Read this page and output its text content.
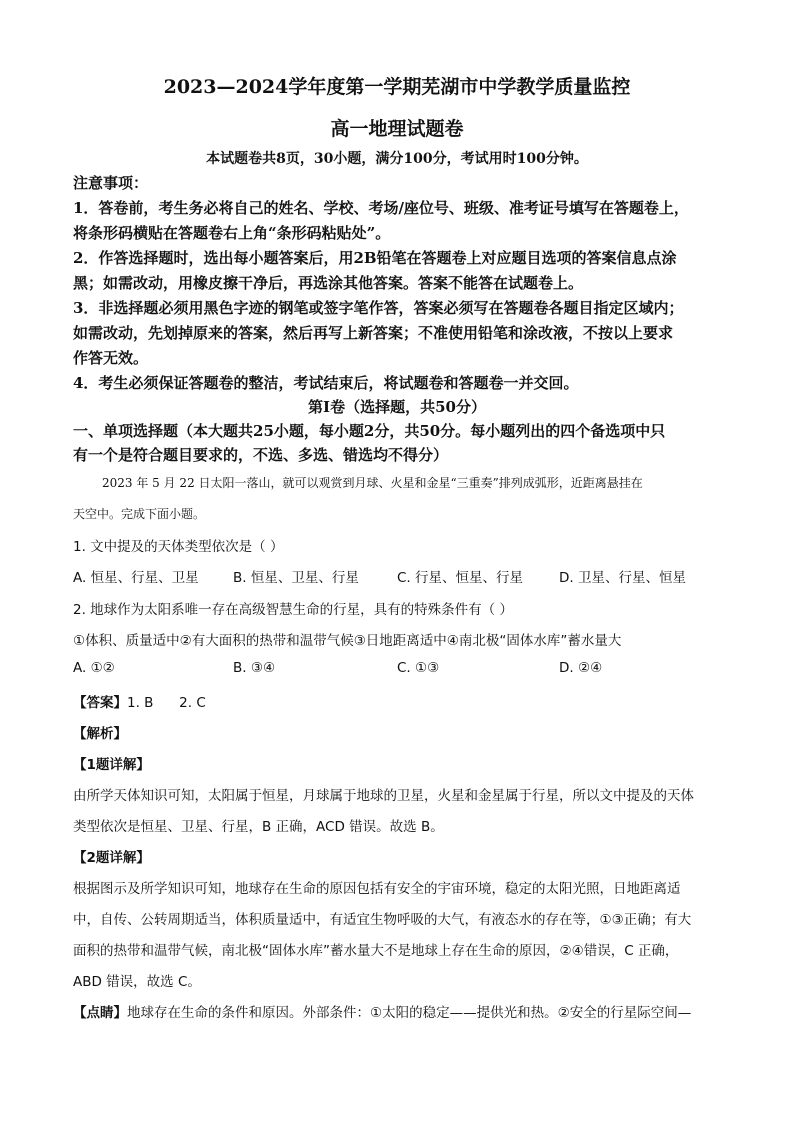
2023—2024学年度第一学期芜湖市中学教学质量监控
高一地理试题卷
本试题卷共8页，30小题，满分100分，考试用时100分钟。
注意事项：
1．答卷前，考生务必将自己的姓名、学校、考场/座位号、班级、准考证号填写在答题卷上，
将条形码横贴在答题卷右上角“条形码粘贴处”。
2．作答选择题时，选出每小题答案后，用2B铅笔在答题卷上对应题目选项的答案信息点涂
黑；如需改动，用橡皮擦干净后，再选涂其他答案。答案不能答在试题卷上。
3．非选择题必须用黑色字迹的钢笔或签字笔作答，答案必须写在答题卷各题目指定区域内；
如需改动，先划掉原来的答案，然后再写上新答案；不准使用铅笔和涂改液，不按以上要求
作答无效。
4．考生必须保证答题卷的整洁，考试结束后，将试题卷和答题卷一并交回。
第Ⅰ卷（选择题，共50分）
一、单项选择题（本大题共25小题，每小题2分，共50分。每小题列出的四个备选项中只
有一个是符合题目要求的，不选、多选、错选均不得分）
2023 年 5 月 22 日太阳一落山，就可以观赏到月球、火星和金星“三重奏”排列成弧形，近距离悬挂在
天空中。完成下面小题。
1. 文中提及的天体类型依次是（ ）
A. 恒星、行星、卫星	B. 恒星、卫星、行星	C. 行星、恒星、行星	D. 卫星、行星、恒星
2. 地球作为太阳系唯一存在高级智慧生命的行星，具有的特殊条件有（ ）
①体积、质量适中②有大面积的热带和温带气候③日地距离适中④南北极“固体水库”蓄水量大
A. ①②	B. ③④	C. ①③	D. ②④
【答案】1. B      2. C
【解析】
【1题详解】
由所学天体知识可知，太阳属于恒星，月球属于地球的卫星，火星和金星属于行星，所以文中提及的天体
类型依次是恒星、卫星、行星，B 正确，ACD 错误。故选 B。
【2题详解】
根据图示及所学知识可知，地球存在生命的原因包括有安全的宇宙环境，稳定的太阳光照，日地距离适
中，自传、公转周期适当，体积质量适中，有适宜生物呼吸的大气，有液态水的存在等，①③正确；有大
面积的热带和温带气候，南北极“固体水库”蓄水量大不是地球上存在生命的原因，②④错误，C 正确，
ABD 错误，故选 C。
【点睛】地球存在生命的条件和原因。外部条件：①太阳的稳定——提供光和热。②安全的行星际空间—
